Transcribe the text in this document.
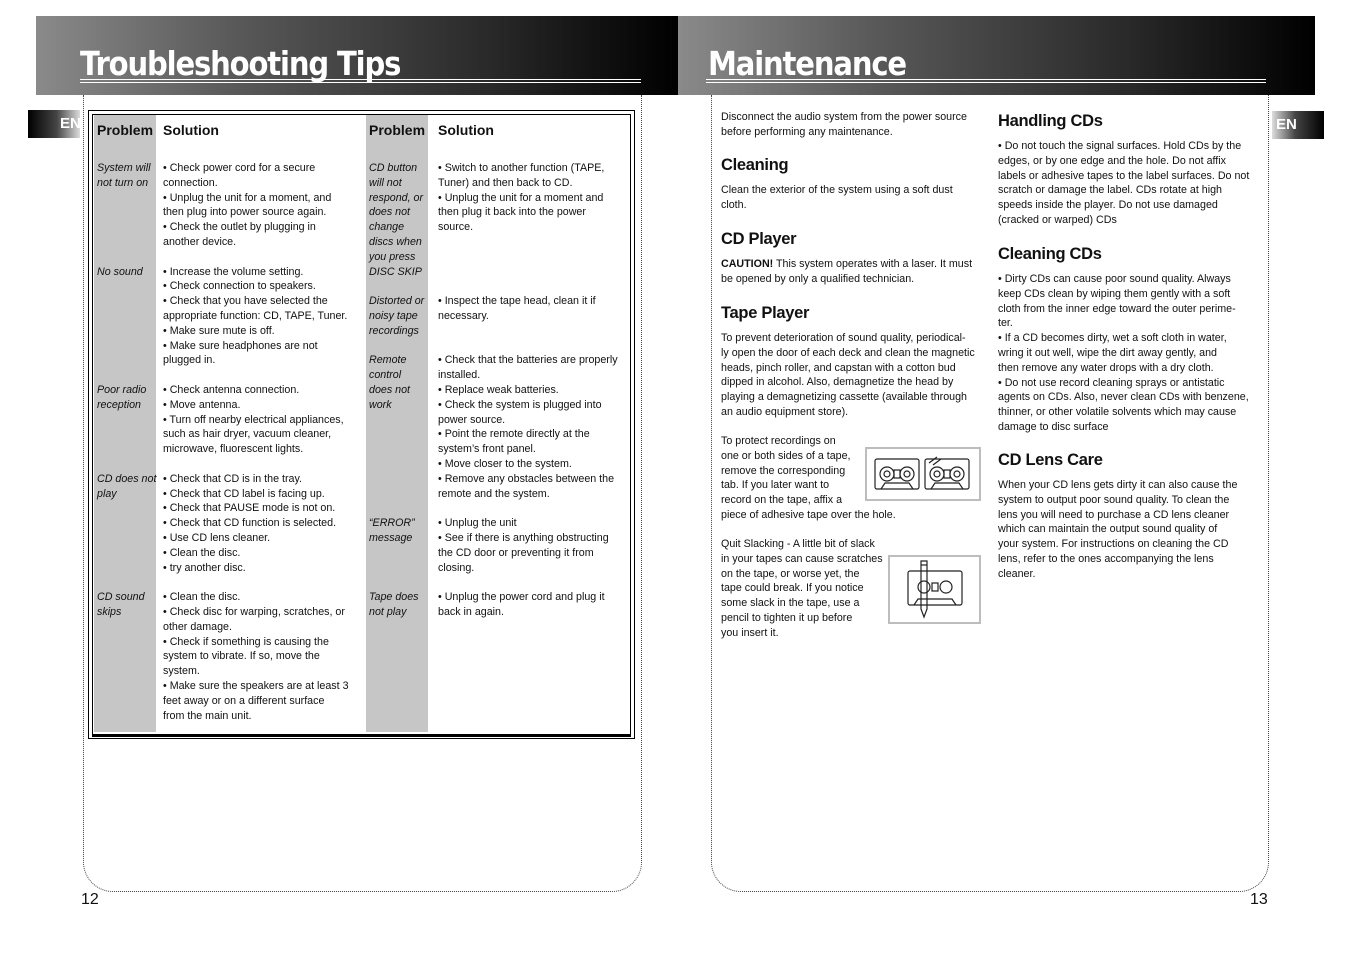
Troubleshooting Tips
EN
12
Problem Solution	Problem Solution
System will
not turn on
• Check power cord for a secure
connection.
• Unplug the unit for a moment, and
then plug into power source again.
• Check the outlet by plugging in
another device.
No sound • Increase the volume setting.
• Check connection to speakers.
• Check that you have selected the
appropriate function: CD, TAPE, Tuner.
• Make sure mute is off.
• Make sure headphones are not
plugged in.
Poor radio
reception
• Check antenna connection.
• Move antenna.
• Turn off nearby electrical appliances,
such as hair dryer, vacuum cleaner,
microwave, fluorescent lights.
CD does not
play
• Check that CD is in the tray.
• Check that CD label is facing up.
• Check that PAUSE mode is not on.
• Check that CD function is selected.
• Use CD lens cleaner.
• Clean the disc.
• try another disc.
CD sound
skips
• Clean the disc.
• Check disc for warping, scratches, or
other damage.
• Check if something is causing the
system to vibrate. If so, move the
system.
• Make sure the speakers are at least 3
feet away or on a different surface
from the main unit.
CD button
will not
respond, or
does not
change
discs when
you press
DISC SKIP
• Switch to another function (TAPE,
Tuner) and then back to CD.
• Unplug the unit for a moment and
then plug it back into the power
source.
Distorted or
noisy tape
recordings
• Inspect the tape head, clean it if
necessary.
Remote
control
does not
work
• Check that the batteries are properly
installed.
• Replace weak batteries.
• Check the system is plugged into
power source.
• Point the remote directly at the
system’s front panel.
• Move closer to the system.
• Remove any obstacles between the
remote and the system.
“ERROR”
message
• Unplug the unit
• See if there is anything obstructing
the CD door or preventing it from
closing.
Tape does
not play
• Unplug the power cord and plug it
back in again.
Maintenance
EN
13
Disconnect the audio system from the power source
before performing any maintenance.
Cleaning
Clean the exterior of the system using a soft dust
cloth.
CD Player
CAUTION! This system operates with a laser. It must
be opened by only a qualified technician.
Tape Player
To prevent deterioration of sound quality, periodical-
ly open the door of each deck and clean the magnetic
heads, pinch roller, and capstan with a cotton bud
dipped in alcohol. Also, demagnetize the head by
playing a demagnetizing cassette (available through
an audio equipment store).
To protect recordings on
one or both sides of a tape,
remove the corresponding
tab. If you later want to
record on the tape, affix a
piece of adhesive tape over the hole.
Quit Slacking - A little bit of slack
in your tapes can cause scratches
on the tape, or worse yet, the
tape could break. If you notice
some slack in the tape, use a
pencil to tighten it up before
you insert it.
Handling CDs
• Do not touch the signal surfaces. Hold CDs by the
edges, or by one edge and the hole. Do not affix
labels or adhesive tapes to the label surfaces. Do not
scratch or damage the label. CDs rotate at high
speeds inside the player. Do not use damaged
(cracked or warped) CDs
Cleaning CDs
• Dirty CDs can cause poor sound quality. Always
keep CDs clean by wiping them gently with a soft
cloth from the inner edge toward the outer perime-
ter.
• If a CD becomes dirty, wet a soft cloth in water,
wring it out well, wipe the dirt away gently, and
then remove any water drops with a dry cloth.
• Do not use record cleaning sprays or antistatic
agents on CDs. Also, never clean CDs with benzene,
thinner, or other volatile solvents which may cause
damage to disc surface
CD Lens Care
When your CD lens gets dirty it can also cause the
system to output poor sound quality. To clean the
lens you will need to purchase a CD lens cleaner
which can maintain the output sound quality of
your system. For instructions on cleaning the CD
lens, refer to the ones accompanying the lens
cleaner.
